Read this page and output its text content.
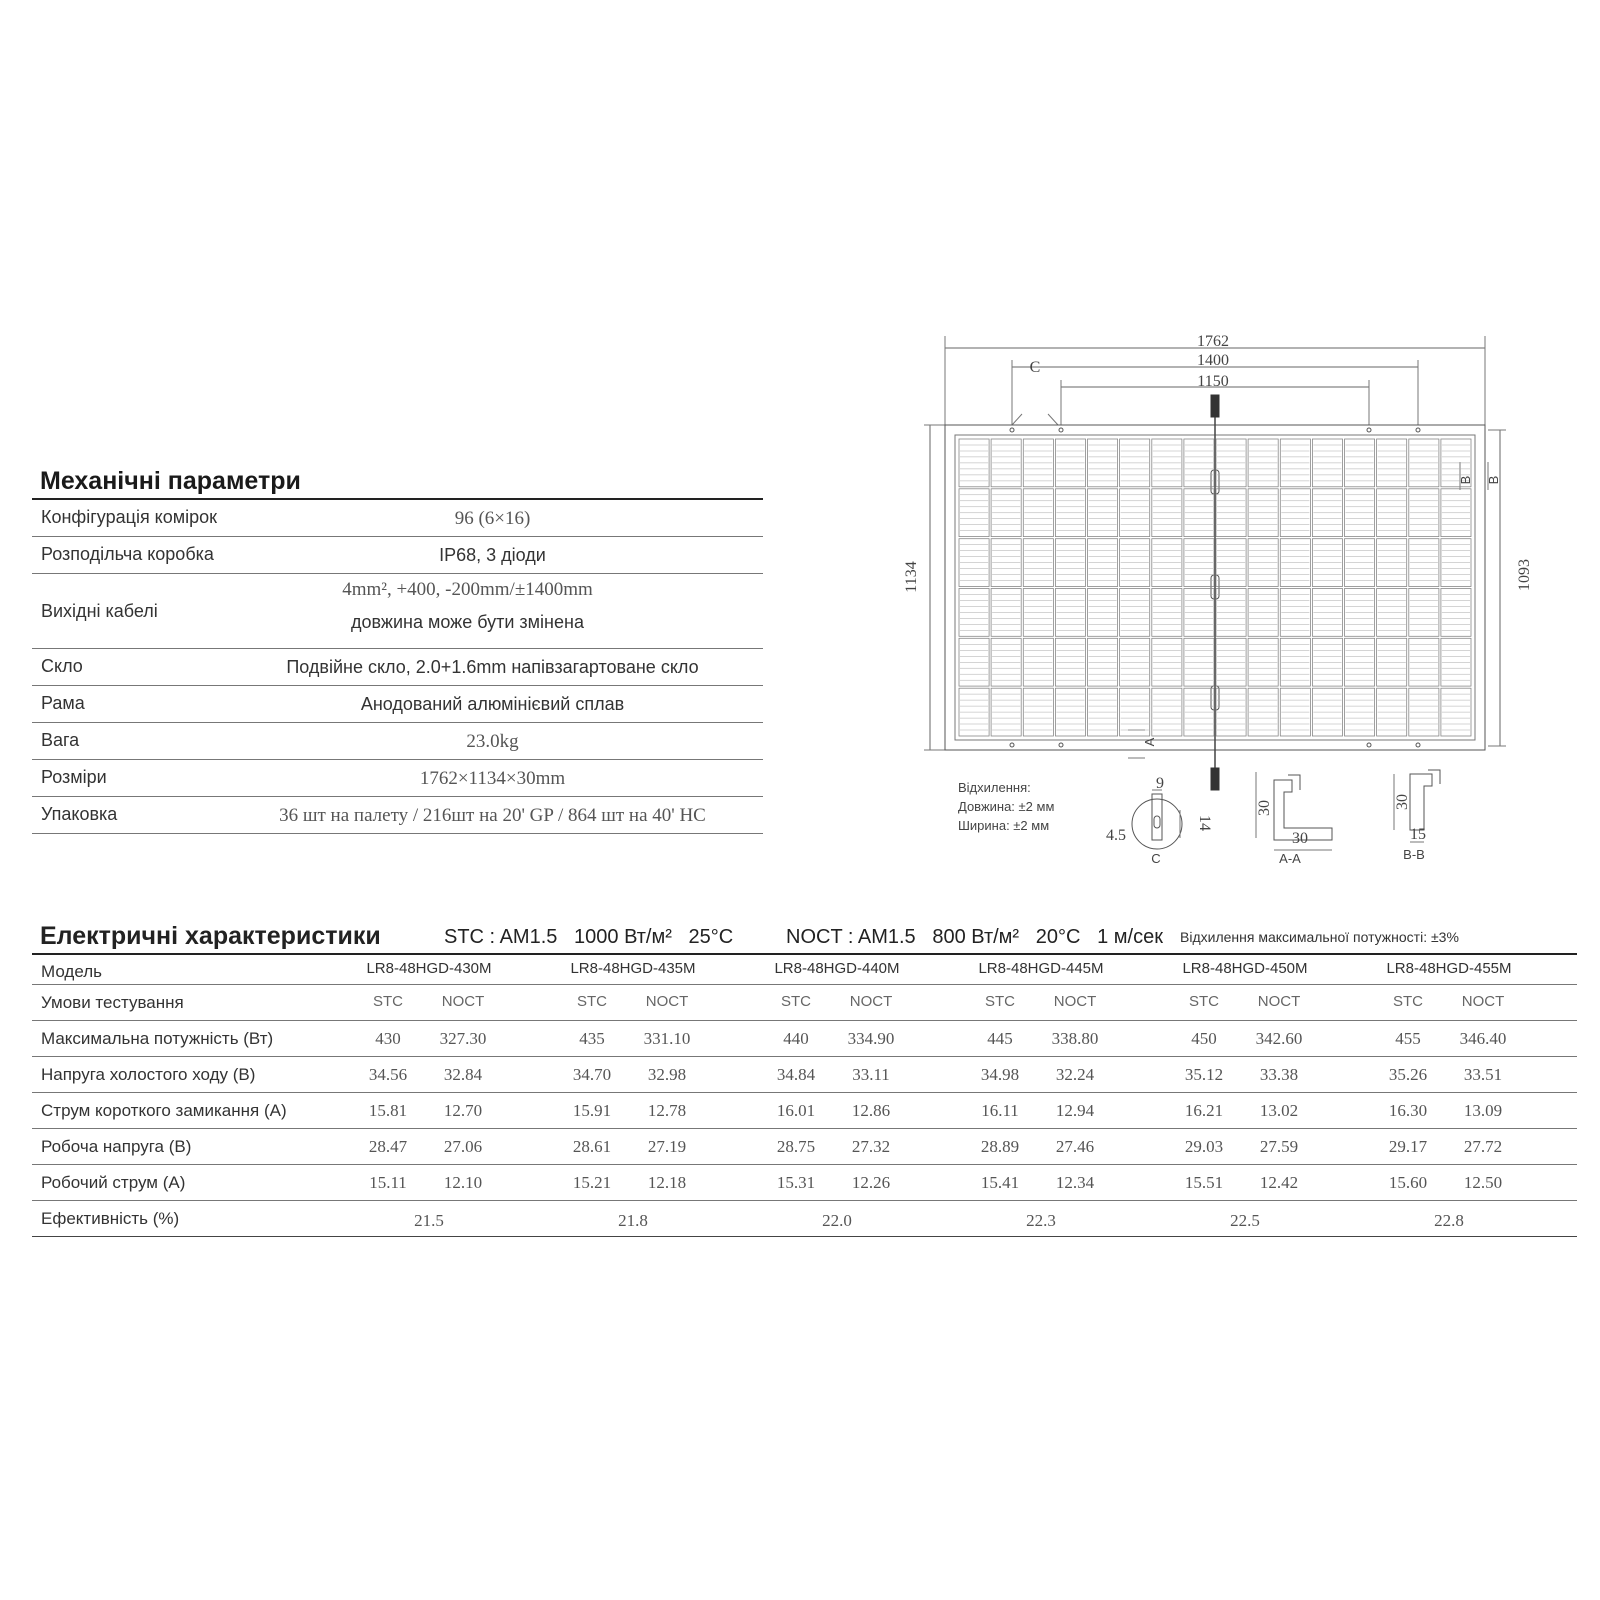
Механічні параметри
Конфігурація комірок	96 (6×16)
Розподільча коробка	IP68, 3 діоди
Вихідні кабелі
4mm², +400, -200mm/±1400mm
довжина може бути змінена
Скло	Подвійне скло, 2.0+1.6mm напівзагартоване скло
Рама	Анодований алюмінієвий сплав
Вага	23.0kg
Розміри	1762×1134×30mm
Упаковка	36 шт на палету / 216шт на 20' GP / 864 шт на 40' HC
1762
1400
1150
C
1134	1093
B B
A
Відхилення:
Довжина: ±2 мм
Ширина: ±2 мм
9
14
4.5
C
30
30
A-A
30
15
B-B
Електричні характеристики	STC : AM1.5   1000 Вт/м²   25°C	NOCT : AM1.5   800 Вт/м²   20°C   1 м/сек Відхилення максимальної потужності: ±3%
Модель	LR8-48HGD-430M	LR8-48HGD-435M	LR8-48HGD-440M	LR8-48HGD-445M	LR8-48HGD-450M	LR8-48HGD-455M
Умови тестування	STC	NOCT	STC	NOCT	STC	NOCT	STC	NOCT	STC	NOCT	STC	NOCT
Максимальна потужність (Вт)	430	327.30	435	331.10	440	334.90	445	338.80	450	342.60	455	346.40
Напруга холостого ходу (В)	34.56	32.84	34.70	32.98	34.84	33.11	34.98	32.24	35.12	33.38	35.26	33.51
Струм короткого замикання (А)	15.81	12.70	15.91	12.78	16.01	12.86	16.11	12.94	16.21	13.02	16.30	13.09
Робоча напруга (В)	28.47	27.06	28.61	27.19	28.75	27.32	28.89	27.46	29.03	27.59	29.17	27.72
Робочий струм (А)	15.11	12.10	15.21	12.18	15.31	12.26	15.41	12.34	15.51	12.42	15.60	12.50
Ефективність (%)	21.5	21.8	22.0	22.3	22.5	22.8
